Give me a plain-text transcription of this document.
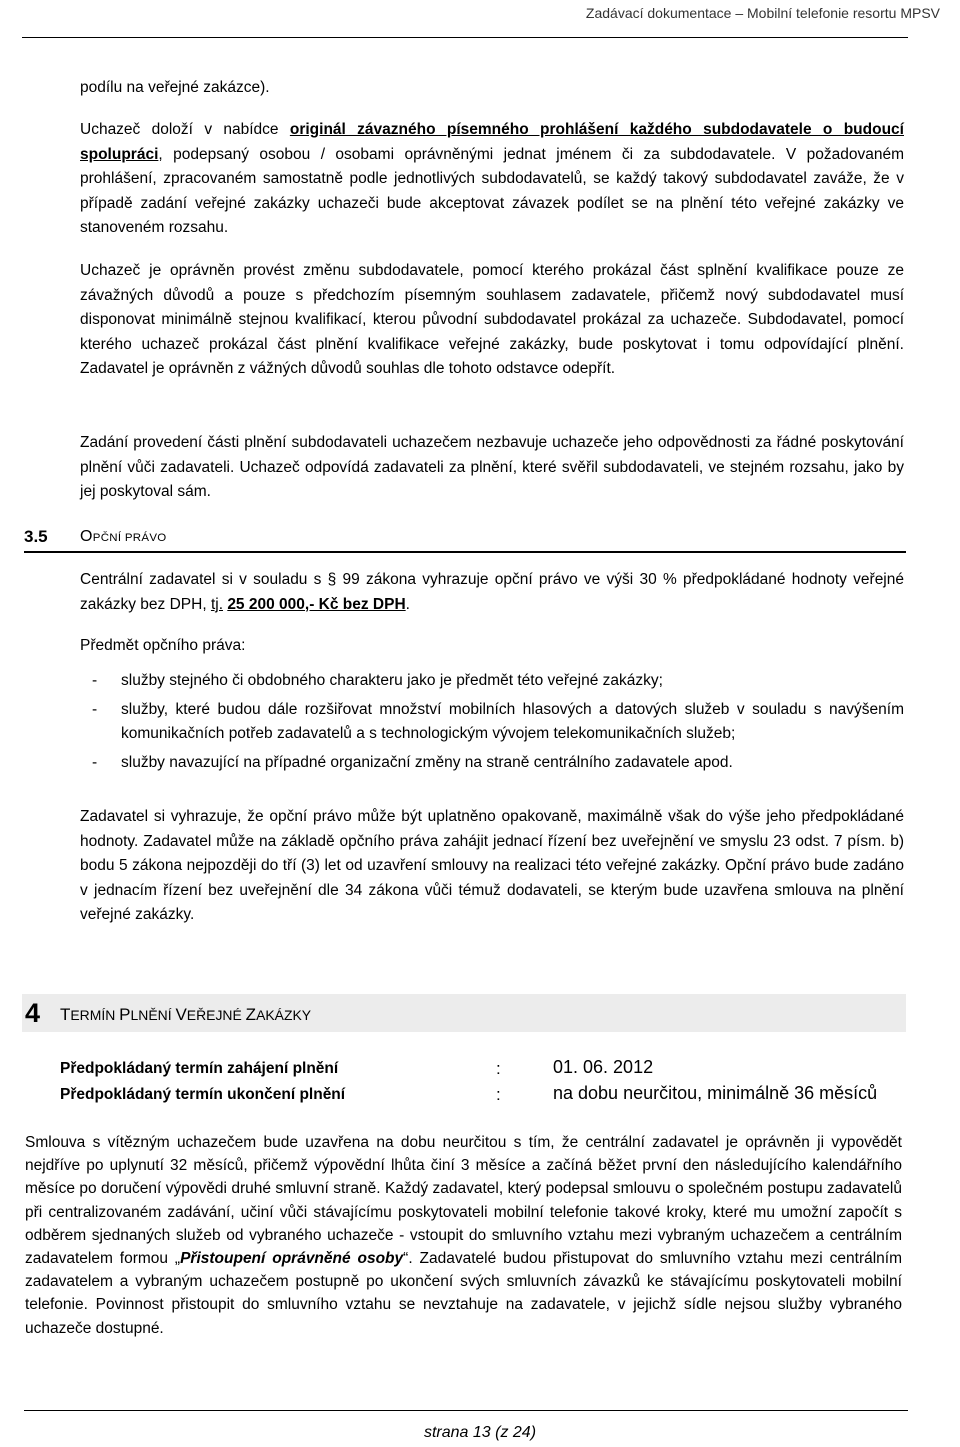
Zadávací dokumentace – Mobilní telefonie resortu MPSV

podílu na veřejné zakázce).

Uchazeč doloží v nabídce originál závazného písemného prohlášení každého subdodavatele o budoucí spolupráci, podepsaný osobou / osobami oprávněnými jednat jménem či za subdodavatele. V požadovaném prohlášení, zpracovaném samostatně podle jednotlivých subdodavatelů, se každý takový subdodavatel zaváže, že v případě zadání veřejné zakázky uchazeči bude akceptovat závazek podílet se na plnění této veřejné zakázky ve stanoveném rozsahu.

Uchazeč je oprávněn provést změnu subdodavatele, pomocí kterého prokázal část splnění kvalifikace pouze ze závažných důvodů a pouze s předchozím písemným souhlasem zadavatele, přičemž nový subdodavatel musí disponovat minimálně stejnou kvalifikací, kterou původní subdodavatel prokázal za uchazeče. Subdodavatel, pomocí kterého uchazeč prokázal část plnění kvalifikace veřejné zakázky, bude poskytovat i tomu odpovídající plnění. Zadavatel je oprávněn z vážných důvodů souhlas dle tohoto odstavce odepřít.

Zadání provedení části plnění subdodavateli uchazečem nezbavuje uchazeče jeho odpovědnosti za řádné poskytování plnění vůči zadavateli. Uchazeč odpovídá zadavateli za plnění, které svěřil subdodavateli, ve stejném rozsahu, jako by jej poskytoval sám.

3.5 OPČNÍ PRÁVO

Centrální zadavatel si v souladu s § 99 zákona vyhrazuje opční právo ve výši 30 % předpokládané hodnoty veřejné zakázky bez DPH, tj. 25 200 000,- Kč bez DPH.

Předmět opčního práva:

- služby stejného či obdobného charakteru jako je předmět této veřejné zakázky;
- služby, které budou dále rozšiřovat množství mobilních hlasových a datových služeb v souladu s navýšením komunikačních potřeb zadavatelů a s technologickým vývojem telekomunikačních služeb;
- služby navazující na případné organizační změny na straně centrálního zadavatele apod.

Zadavatel si vyhrazuje, že opční právo může být uplatněno opakovaně, maximálně však do výše jeho předpokládané hodnoty. Zadavatel může na základě opčního práva zahájit jednací řízení bez uveřejnění ve smyslu 23 odst. 7 písm. b) bodu 5 zákona nejpozději do tří (3) let od uzavření smlouvy na realizaci této veřejné zakázky. Opční právo bude zadáno v jednacím řízení bez uveřejnění dle 34 zákona vůči témuž dodavateli, se kterým bude uzavřena smlouva na plnění veřejné zakázky.

4 TERMÍN PLNĚNÍ VEŘEJNÉ ZAKÁZKY
Předpokládaný termín zahájení plnění	:	01. 06. 2012
Předpokládaný termín ukončení plnění	:	na dobu neurčitou, minimálně 36 měsíců

Smlouva s vítězným uchazečem bude uzavřena na dobu neurčitou s tím, že centrální zadavatel je oprávněn ji vypovědět nejdříve po uplynutí 32 měsíců, přičemž výpovědní lhůta činí 3 měsíce a začíná běžet první den následujícího kalendářního měsíce po doručení výpovědi druhé smluvní straně. Každý zadavatel, který podepsal smlouvu o společném postupu zadavatelů při centralizovaném zadávání, učiní vůči stávajícímu poskytovateli mobilní telefonie takové kroky, které mu umožní započít s odběrem sjednaných služeb od vybraného uchazeče - vstoupit do smluvního vztahu mezi vybraným uchazečem a centrálním zadavatelem formou „Přistoupení oprávněné osoby“. Zadavatelé budou přistupovat do smluvního vztahu mezi centrálním zadavatelem a vybraným uchazečem postupně po ukončení svých smluvních závazků ke stávajícímu poskytovateli mobilní telefonie. Povinnost přistoupit do smluvního vztahu se nevztahuje na zadavatele, v jejichž sídle nejsou služby vybraného uchazeče dostupné.

strana 13 (z 24)
